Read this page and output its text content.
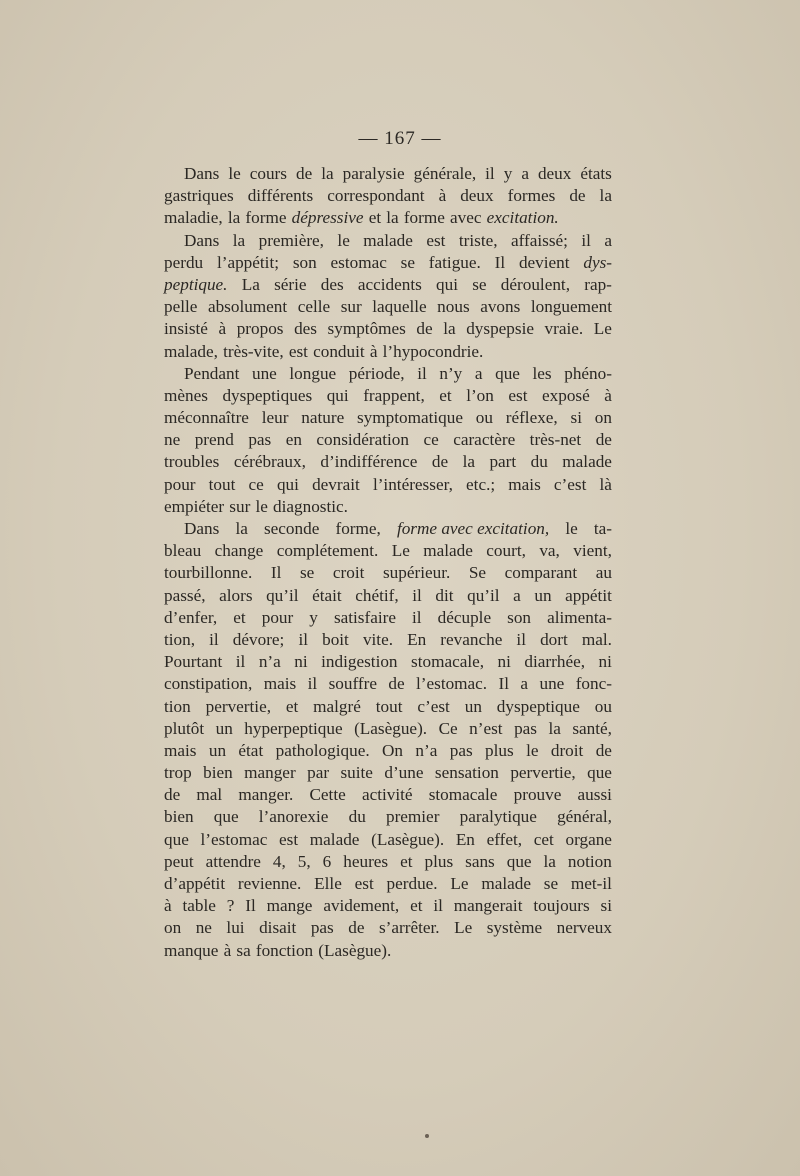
— 167 —
Dans le cours de la paralysie générale, il y a deux états
gastriques différents correspondant à deux formes de la
maladie, la forme dépressive et la forme avec excitation.
Dans la première, le malade est triste, affaissé; il a
perdu l’appétit; son estomac se fatigue. Il devient dys-
peptique. La série des accidents qui se déroulent, rap-
pelle absolument celle sur laquelle nous avons longuement
insisté à propos des symptômes de la dyspepsie vraie. Le
malade, très-vite, est conduit à l’hypocondrie.
Pendant une longue période, il n’y a que les phéno-
mènes dyspeptiques qui frappent, et l’on est exposé à
méconnaître leur nature symptomatique ou réflexe, si on
ne prend pas en considération ce caractère très-net de
troubles cérébraux, d’indifférence de la part du malade
pour tout ce qui devrait l’intéresser, etc.; mais c’est là
empiéter sur le diagnostic.
Dans la seconde forme, forme avec excitation, le ta-
bleau change complétement. Le malade court, va, vient,
tourbillonne. Il se croit supérieur. Se comparant au
passé, alors qu’il était chétif, il dit qu’il a un appétit
d’enfer, et pour y satisfaire il décuple son alimenta-
tion, il dévore; il boit vite. En revanche il dort mal.
Pourtant il n’a ni indigestion stomacale, ni diarrhée, ni
constipation, mais il souffre de l’estomac. Il a une fonc-
tion pervertie, et malgré tout c’est un dyspeptique ou
plutôt un hyperpeptique (Lasègue). Ce n’est pas la santé,
mais un état pathologique. On n’a pas plus le droit de
trop bien manger par suite d’une sensation pervertie, que
de mal manger. Cette activité stomacale prouve aussi
bien que l’anorexie du premier paralytique général,
que l’estomac est malade (Lasègue). En effet, cet organe
peut attendre 4, 5, 6 heures et plus sans que la notion
d’appétit revienne. Elle est perdue. Le malade se met-il
à table ? Il mange avidement, et il mangerait toujours si
on ne lui disait pas de s’arrêter. Le système nerveux
manque à sa fonction (Lasègue).
